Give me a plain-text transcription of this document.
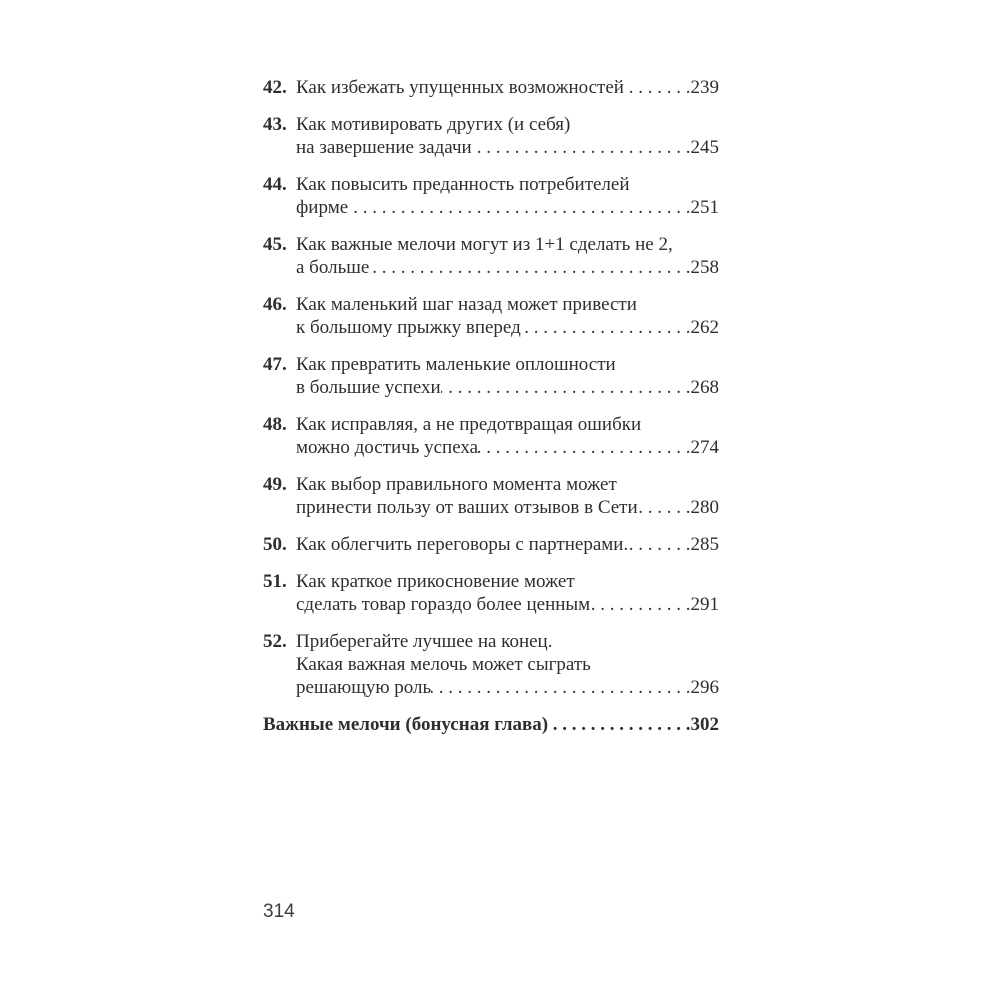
42. Как избежать упущенных возможностей . . .	239
43. Как мотивировать других (и себя)
на завершение задачи . . .	245
44. Как повысить преданность потребителей
фирме . . .	251
45. Как важные мелочи могут из 1+1 сделать не 2,
а больше . . .	258
46. Как маленький шаг назад может привести
к большому прыжку вперед . . .	262
47. Как превратить маленькие оплошности
в большие успехи . . .	268
48. Как исправляя, а не предотвращая ошибки
можно достичь успеха . . .	274
49. Как выбор правильного момента может
принести пользу от ваших отзывов в Сети . . .	280
50. Как облегчить переговоры с партнерами. . . .	285
51. Как краткое прикосновение может
сделать товар гораздо более ценным . . .	291
52. Приберегайте лучшее на конец.
Какая важная мелочь может сыграть
решающую роль . . .	296
Важные мелочи (бонусная глава) . . .	302
314
